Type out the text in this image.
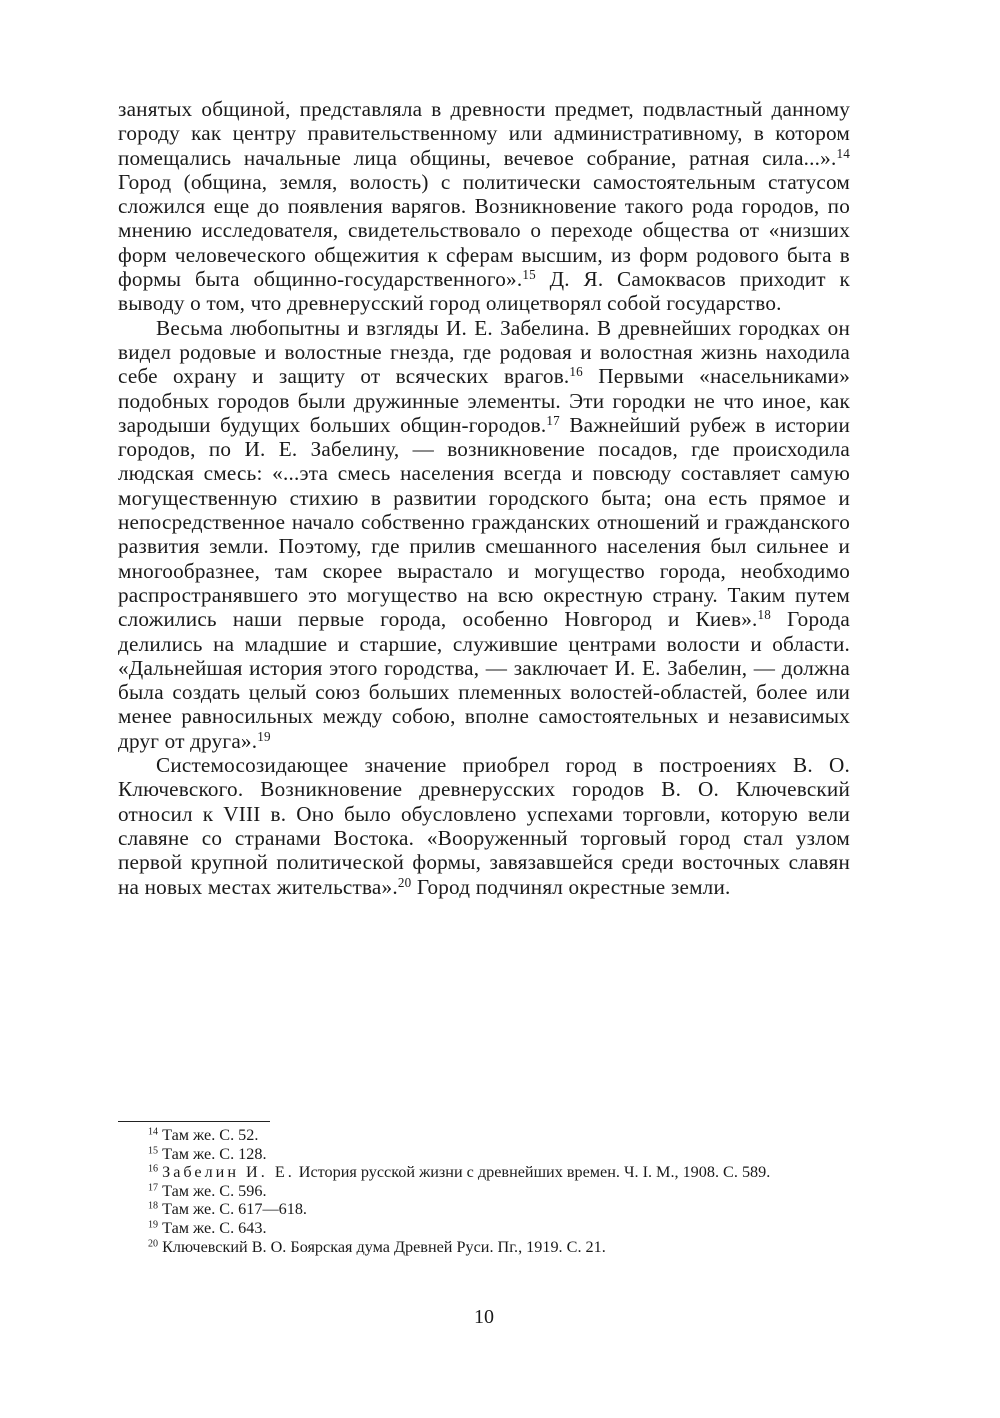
занятых общиной, представляла в древности предмет, подвластный данному городу как центру правительственному или административному, в котором помещались начальные лица общины, вечевое собрание, ратная сила...».$^{14}$ Город (община, земля, волость) с политически самостоятельным статусом сложился еще до появления варягов. Возникновение такого рода городов, по мнению исследователя, свидетельствовало о переходе общества от «низших форм человеческого общежития к сферам высшим, из форм родового быта в формы быта общинно-государственного».$^{15}$ Д. Я. Самоквасов приходит к выводу о том, что древнерусский город олицетворял собой государство.

Весьма любопытны и взгляды И. Е. Забелина. В древнейших городках он видел родовые и волостные гнезда, где родовая и волостная жизнь находила себе охрану и защиту от всяческих врагов.$^{16}$ Первыми «насельниками» подобных городов были дружинные элементы. Эти городки не что иное, как зародыши будущих больших общин-городов.$^{17}$ Важнейший рубеж в истории городов, по И. Е. Забелину, — возникновение посадов, где происходила людская смесь: «...эта смесь населения всегда и повсюду составляет самую могущественную стихию в развитии городского быта; она есть прямое и непосредственное начало собственно гражданских отношений и гражданского развития земли. Поэтому, где прилив смешанного населения был сильнее и многообразнее, там скорее вырастало и могущество города, необходимо распространявшего это могущество на всю окрестную страну. Таким путем сложились наши первые города, особенно Новгород и Киев».$^{18}$ Города делились на младшие и старшие, служившие центрами волости и области. «Дальнейшая история этого городства, — заключает И. Е. Забелин, — должна была создать целый союз больших племенных волостей-областей, более или менее равносильных между собою, вполне самостоятельных и независимых друг от друга».$^{19}$

Системосозидающее значение приобрел город в построениях В. О. Ключевского. Возникновение древнерусских городов В. О. Ключевский относил к VIII в. Оно было обусловлено успехами торговли, которую вели славяне со странами Востока. «Вооруженный торговый город стал узлом первой крупной политической формы, завязавшейся среди восточных славян на новых местах жительства».$^{20}$ Город подчинял окрестные земли.

$^{14}$ Там же. С. 52.

$^{15}$ Там же. С. 128.

$^{16}$ Забелин И. Е. История русской жизни с древнейших времен. Ч. I. М., 1908. С. 589.

$^{17}$ Там же. С. 596.

$^{18}$ Там же. С. 617—618.

$^{19}$ Там же. С. 643.

$^{20}$ Ключевский В. О. Боярская дума Древней Руси. Пг., 1919. С. 21.

10
